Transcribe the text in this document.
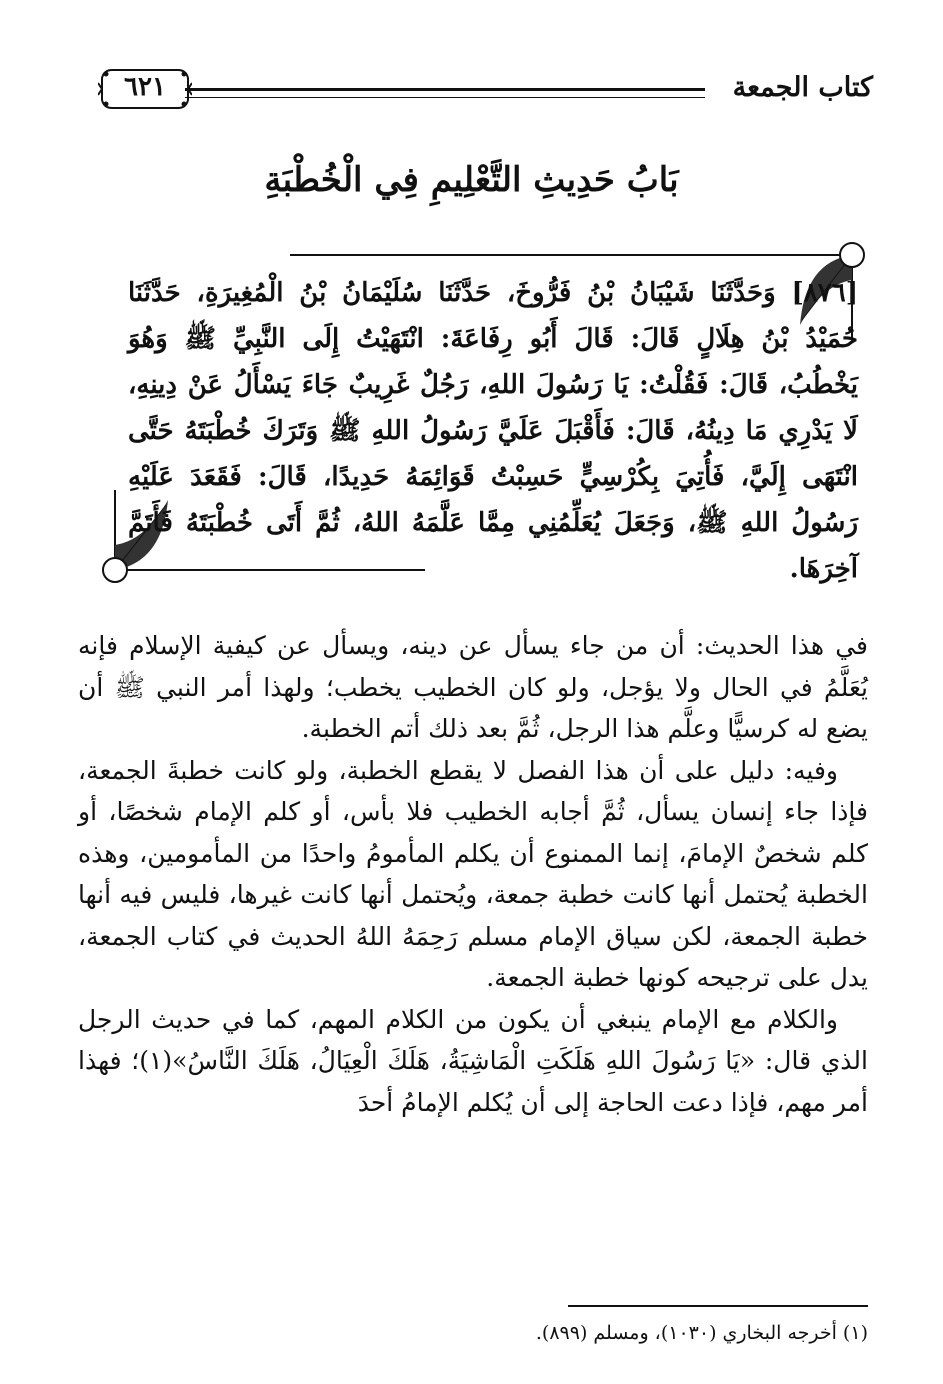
كتاب الجمعة
٦٢١
بَابُ حَدِيثِ التَّعْلِيمِ فِي الْخُطْبَةِ

[٨٧٦] وَحَدَّثَنَا شَيْبَانُ بْنُ فَرُّوخَ، حَدَّثَنَا سُلَيْمَانُ بْنُ الْمُغِيرَةِ، حَدَّثَنَا حُمَيْدُ بْنُ هِلَالٍ قَالَ: قَالَ أَبُو رِفَاعَةَ: انْتَهَيْتُ إِلَى النَّبِيِّ ﷺ وَهُوَ يَخْطُبُ، قَالَ: فَقُلْتُ: يَا رَسُولَ اللهِ، رَجُلٌ غَرِيبٌ جَاءَ يَسْأَلُ عَنْ دِينِهِ، لَا يَدْرِي مَا دِينُهُ، قَالَ: فَأَقْبَلَ عَلَيَّ رَسُولُ اللهِ ﷺ وَتَرَكَ خُطْبَتَهُ حَتَّى انْتَهَى إِلَيَّ، فَأُتِيَ بِكُرْسِيٍّ حَسِبْتُ قَوَائِمَهُ حَدِيدًا، قَالَ: فَقَعَدَ عَلَيْهِ رَسُولُ اللهِ ﷺ، وَجَعَلَ يُعَلِّمُنِي مِمَّا عَلَّمَهُ اللهُ، ثُمَّ أَتَى خُطْبَتَهُ فَأَتَمَّ آخِرَهَا.

في هذا الحديث: أن من جاء يسأل عن دينه، ويسأل عن كيفية الإسلام فإنه يُعَلَّمُ في الحال ولا يؤجل، ولو كان الخطيب يخطب؛ ولهذا أمر النبي ﷺ أن يضع له كرسيًّا وعلَّم هذا الرجل، ثُمَّ بعد ذلك أتم الخطبة.

وفيه: دليل على أن هذا الفصل لا يقطع الخطبة، ولو كانت خطبةَ الجمعة، فإذا جاء إنسان يسأل، ثُمَّ أجابه الخطيب فلا بأس، أو كلم الإمام شخصًا، أو كلم شخصٌ الإمامَ، إنما الممنوع أن يكلم المأمومُ واحدًا من المأمومين، وهذه الخطبة يُحتمل أنها كانت خطبة جمعة، ويُحتمل أنها كانت غيرها، فليس فيه أنها خطبة الجمعة، لكن سياق الإمام مسلم رَحِمَهُ اللهُ الحديث في كتاب الجمعة، يدل على ترجيحه كونها خطبة الجمعة.

والكلام مع الإمام ينبغي أن يكون من الكلام المهم، كما في حديث الرجل الذي قال: «يَا رَسُولَ اللهِ هَلَكَتِ الْمَاشِيَةُ، هَلَكَ الْعِيَالُ، هَلَكَ النَّاسُ»(١)؛ فهذا أمر مهم، فإذا دعت الحاجة إلى أن يُكلم الإمامُ أحدَ

(١) أخرجه البخاري (١٠٣٠)، ومسلم (٨٩٩).
